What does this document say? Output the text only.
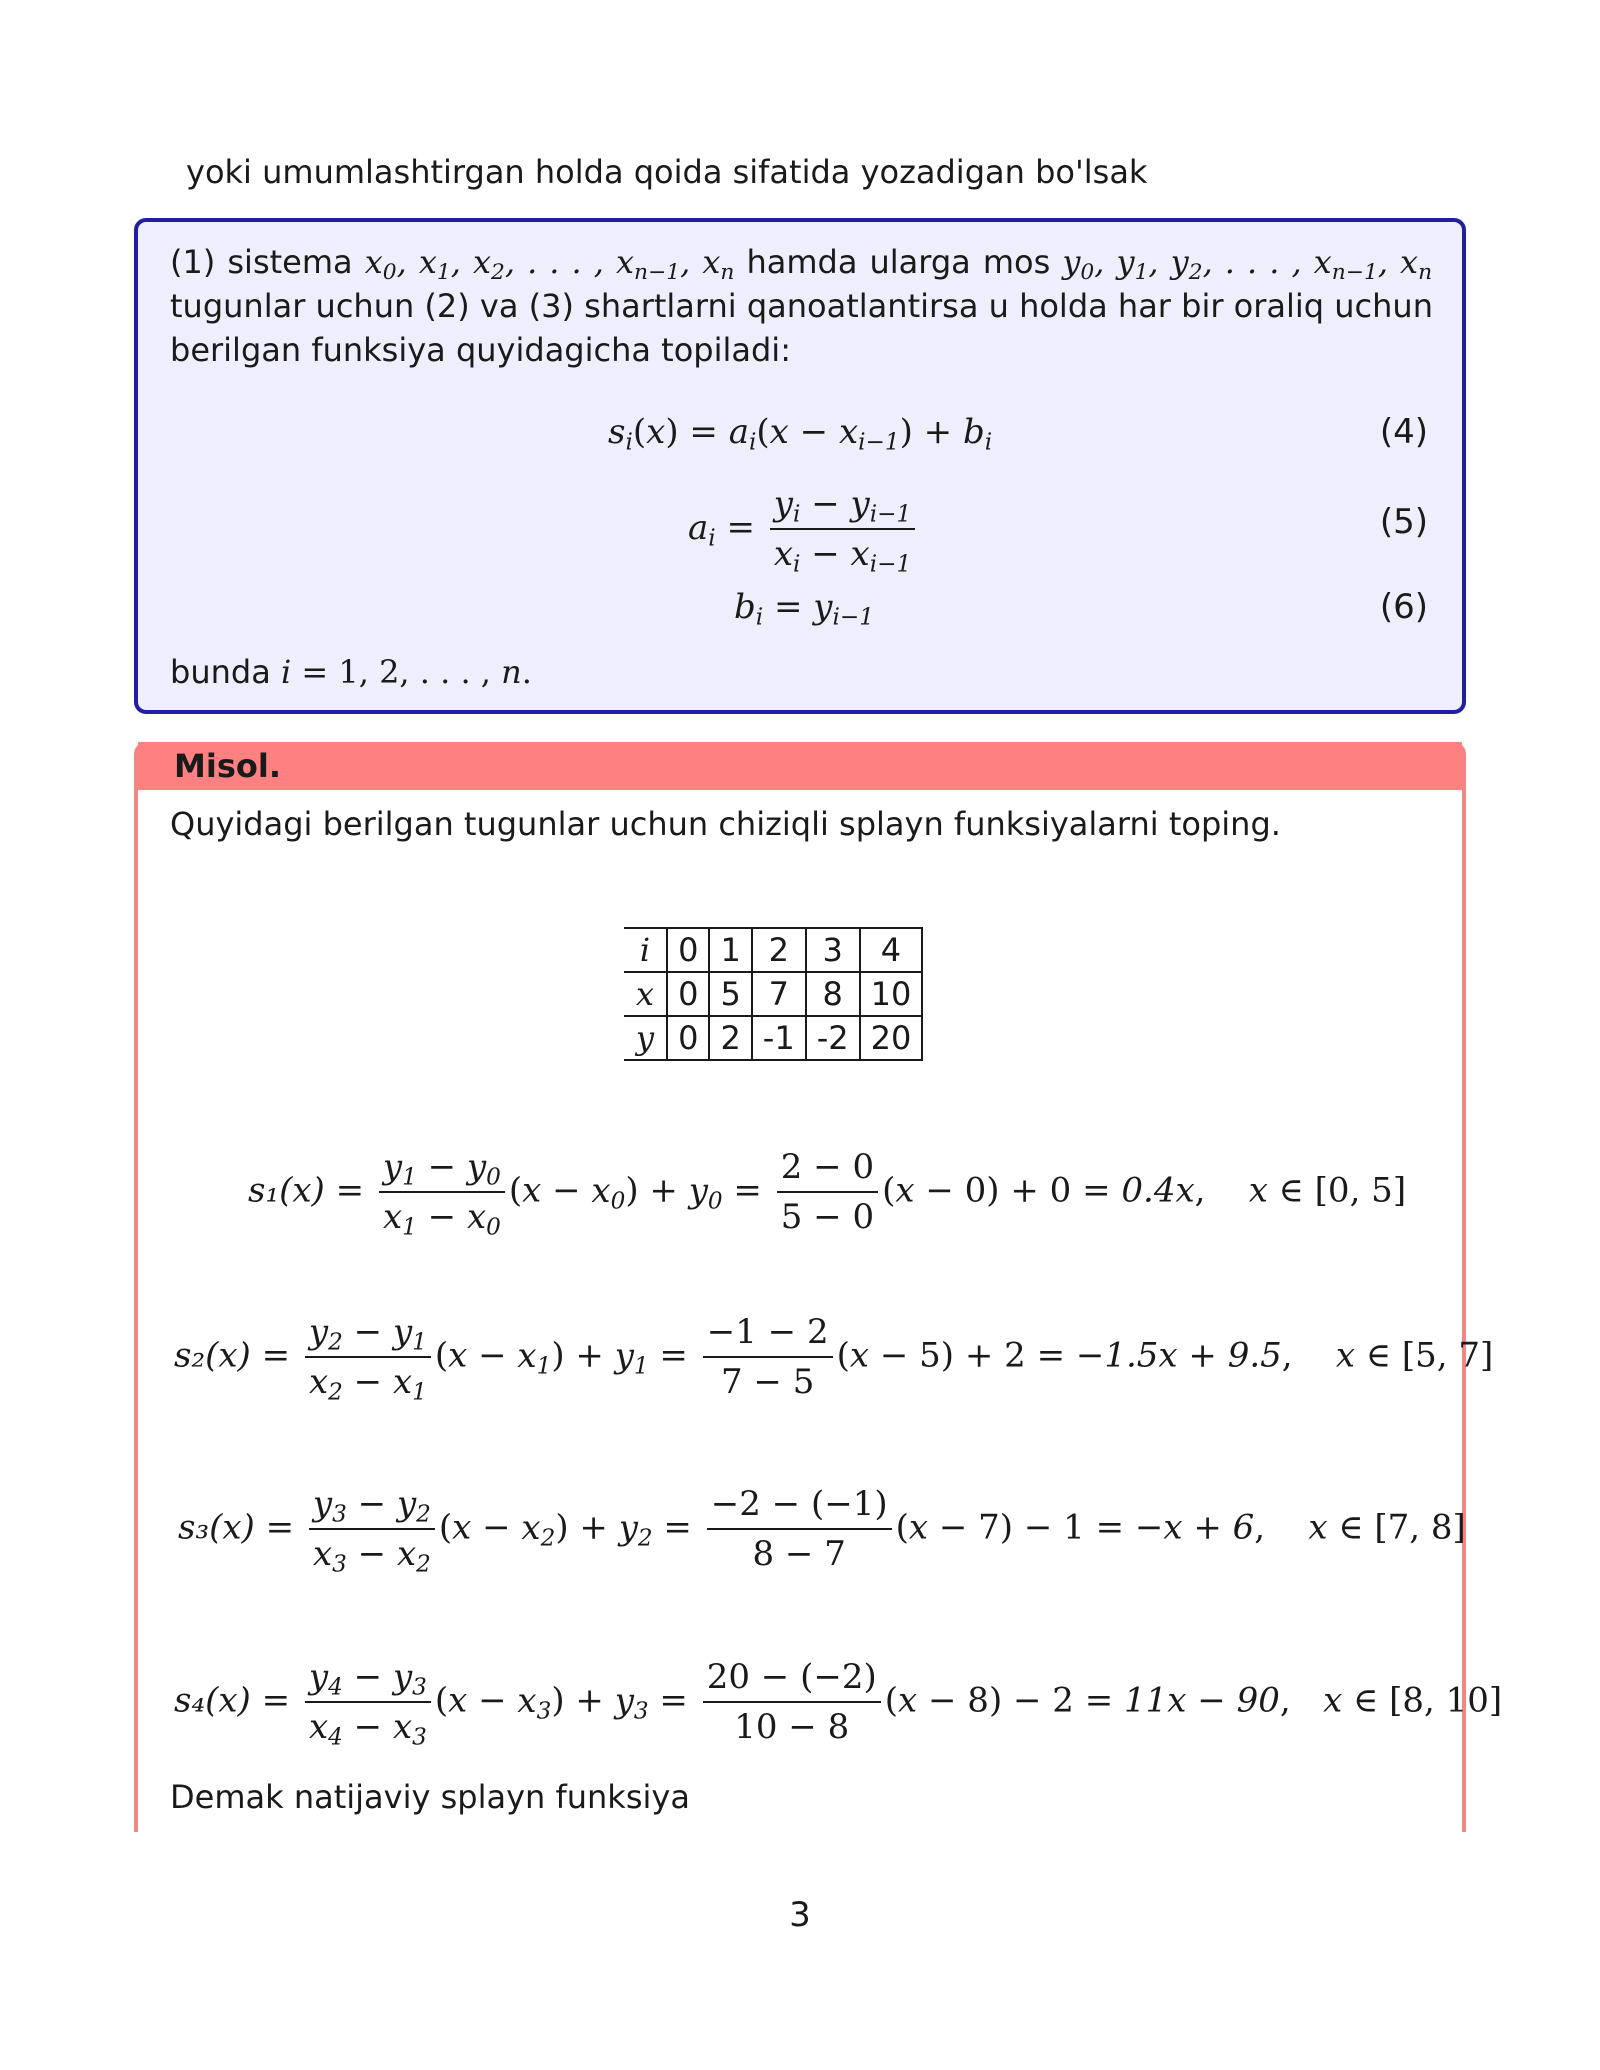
yoki umumlashtirgan holda qoida sifatida yozadigan bo'lsak
(1) sistema $x_0$, $x_1$, $x_2$, . . . , $x_{n-1}$, $x_n$ hamda ularga mos $y_0$, $y_1$, $y_2$, . . . , $x_{n-1}$, $x_n$
tugunlar uchun (2) va (3) shartlarni qanoatlantirsa u holda har bir oraliq uchun
berilgan funksiya quyidagicha topiladi:
$s_i(x) = a_i(x - x_{i-1}) + b_i$	(4)
$a_i = \frac{y_i - y_{i-1}}{x_i - x_{i-1}}$	(5)
$b_i = y_{i-1}$	(6)
bunda i = 1, 2, . . . , n.
Misol.
Quyidagi berilgan tugunlar uchun chiziqli splayn funksiyalarni toping.
i	0	1	2	3	4
x	0	5	7	8	10
y	0	2	-1	-2	20
$s_1(x) = \frac{y_1 - y_0}{x_1 - x_0} (x - x_0) + y_0 = \frac{2 - 0}{5 - 0} (x - 0) + 0 = 0.4x$,    x ∈ [0, 5]
$s_2(x) = \frac{y_2 - y_1}{x_2 - x_1} (x - x_1) + y_1 = \frac{-1 - 2}{7 - 5} (x - 5) + 2 = -1.5x + 9.5$,    x ∈ [5, 7]
$s_3(x) = \frac{y_3 - y_2}{x_3 - x_2} (x - x_2) + y_2 = \frac{-2 - (-1)}{8 - 7} (x - 7) - 1 = -x + 6$,    x ∈ [7, 8]
$s_4(x) = \frac{y_4 - y_3}{x_4 - x_3} (x - x_3) + y_3 = \frac{20 - (-2)}{10 - 8} (x - 8) - 2 = 11x - 90$,   x ∈ [8, 10]
Demak natijaviy splayn funksiya
3
